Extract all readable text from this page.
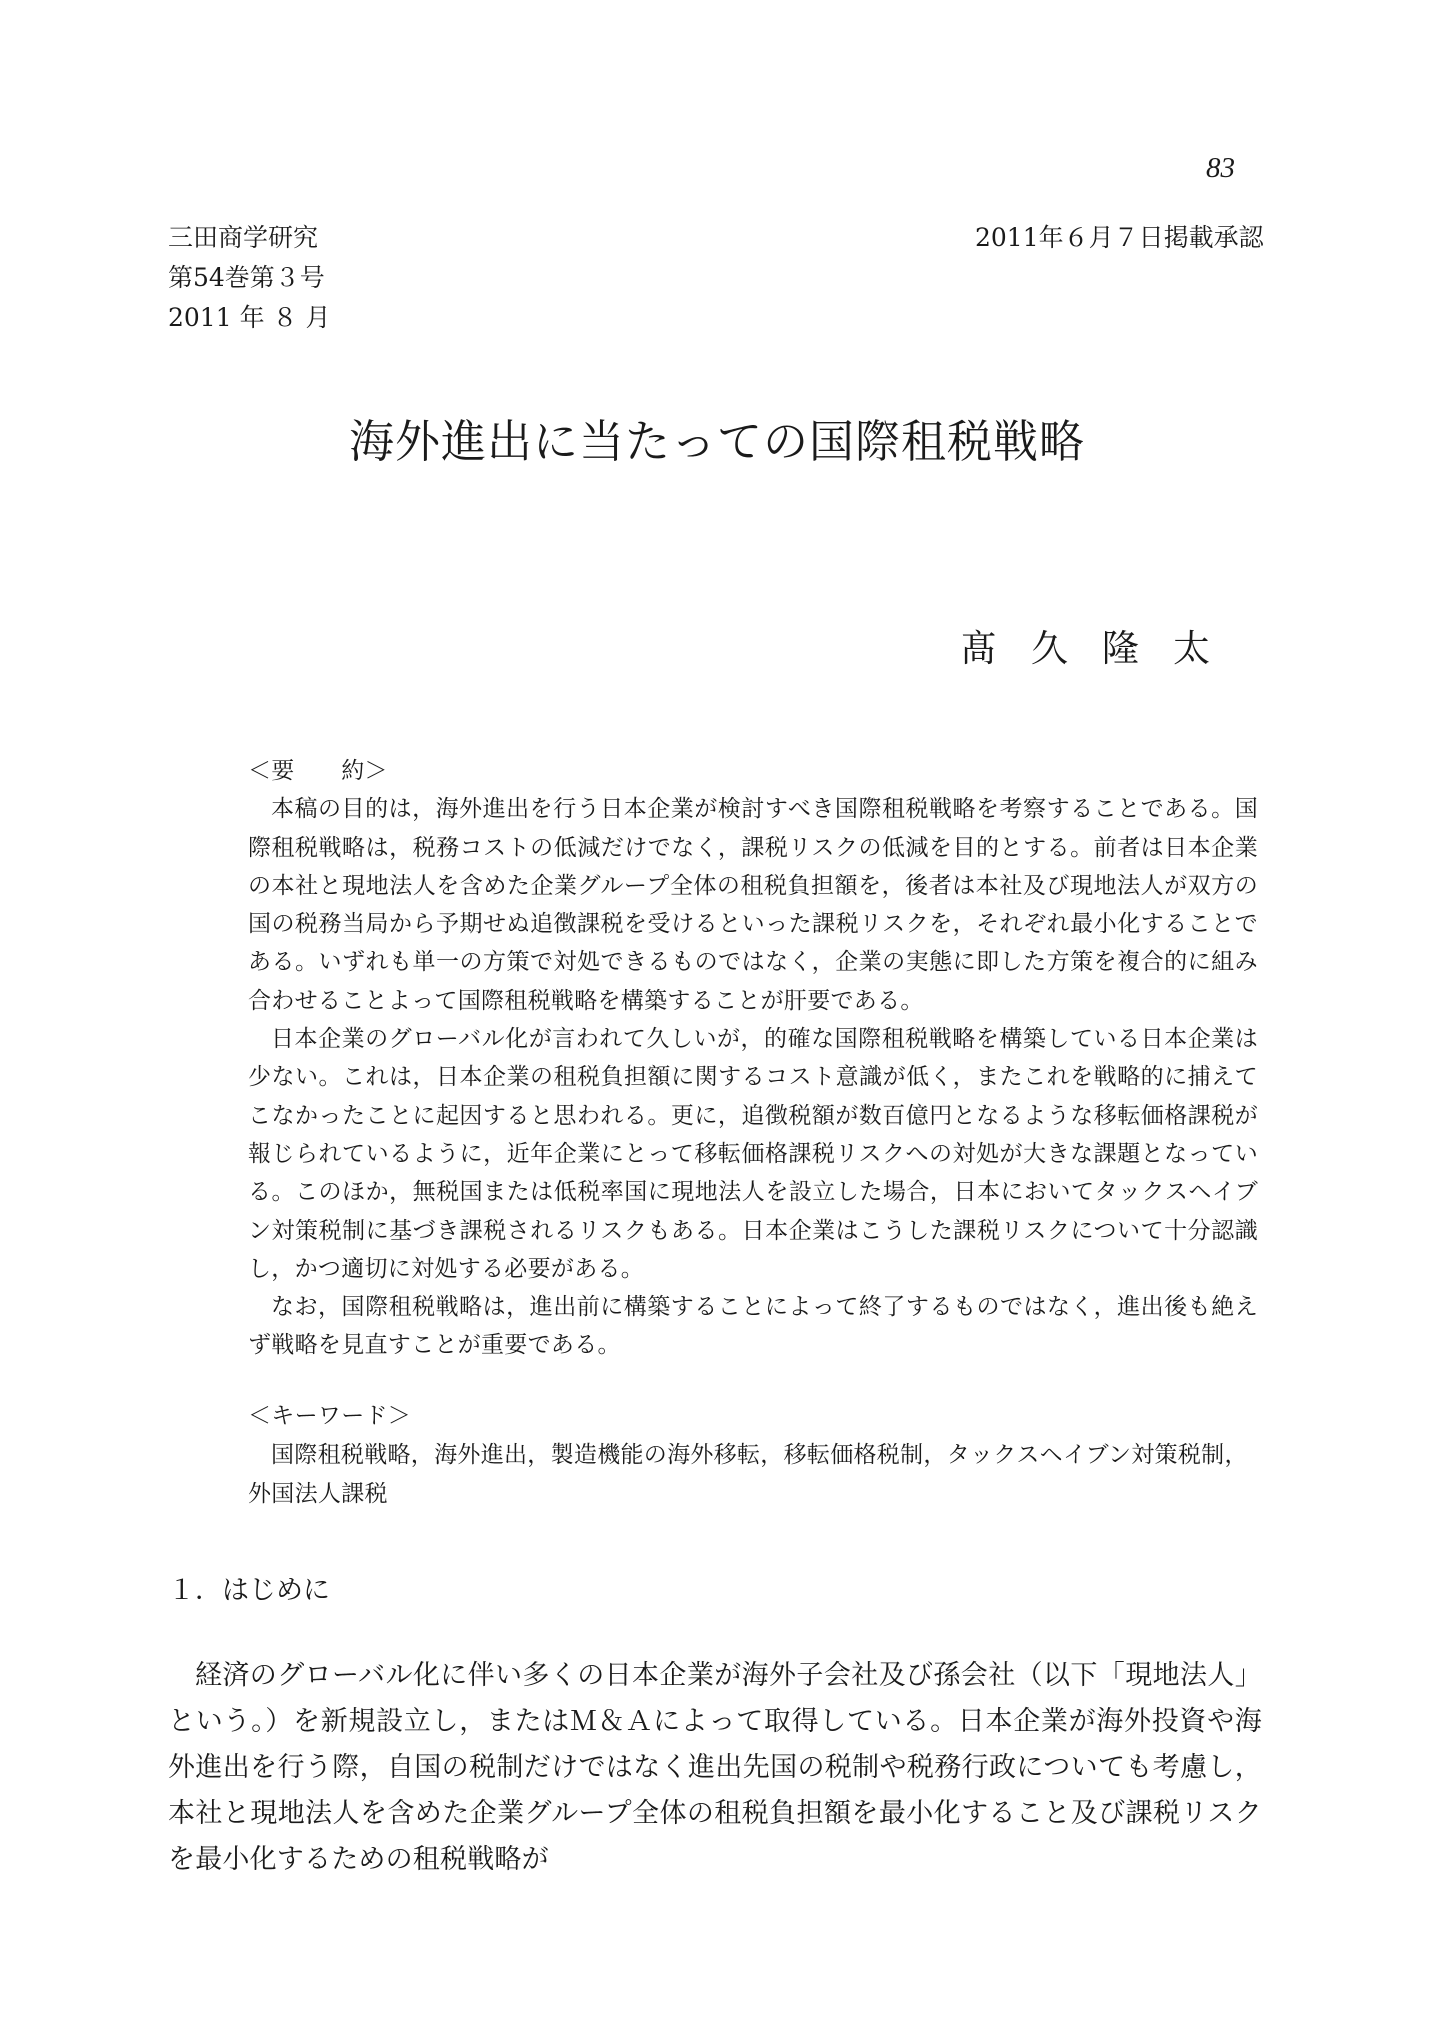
83
三田商学研究
第54巻第３号
2011 年 ８ 月
2011年６月７日掲載承認
海外進出に当たっての国際租税戦略
髙久隆太
＜要　　約＞

本稿の目的は，海外進出を行う日本企業が検討すべき国際租税戦略を考察することである。国際租税戦略は，税務コストの低減だけでなく，課税リスクの低減を目的とする。前者は日本企業の本社と現地法人を含めた企業グループ全体の租税負担額を，後者は本社及び現地法人が双方の国の税務当局から予期せぬ追徴課税を受けるといった課税リスクを，それぞれ最小化することである。いずれも単一の方策で対処できるものではなく，企業の実態に即した方策を複合的に組み合わせることよって国際租税戦略を構築することが肝要である。

日本企業のグローバル化が言われて久しいが，的確な国際租税戦略を構築している日本企業は少ない。これは，日本企業の租税負担額に関するコスト意識が低く，またこれを戦略的に捕えてこなかったことに起因すると思われる。更に，追徴税額が数百億円となるような移転価格課税が報じられているように，近年企業にとって移転価格課税リスクへの対処が大きな課題となっている。このほか，無税国または低税率国に現地法人を設立した場合，日本においてタックスヘイブン対策税制に基づき課税されるリスクもある。日本企業はこうした課税リスクについて十分認識し，かつ適切に対処する必要がある。

なお，国際租税戦略は，進出前に構築することによって終了するものではなく，進出後も絶えず戦略を見直すことが重要である。

＜キーワード＞

国際租税戦略，海外進出，製造機能の海外移転，移転価格税制，タックスヘイブン対策税制，外国法人課税

１．はじめに

経済のグローバル化に伴い多くの日本企業が海外子会社及び孫会社（以下「現地法人」という。）を新規設立し，またはＭ＆Ａによって取得している。日本企業が海外投資や海外進出を行う際，自国の税制だけではなく進出先国の税制や税務行政についても考慮し，本社と現地法人を含めた企業グループ全体の租税負担額を最小化すること及び課税リスクを最小化するための租税戦略が
